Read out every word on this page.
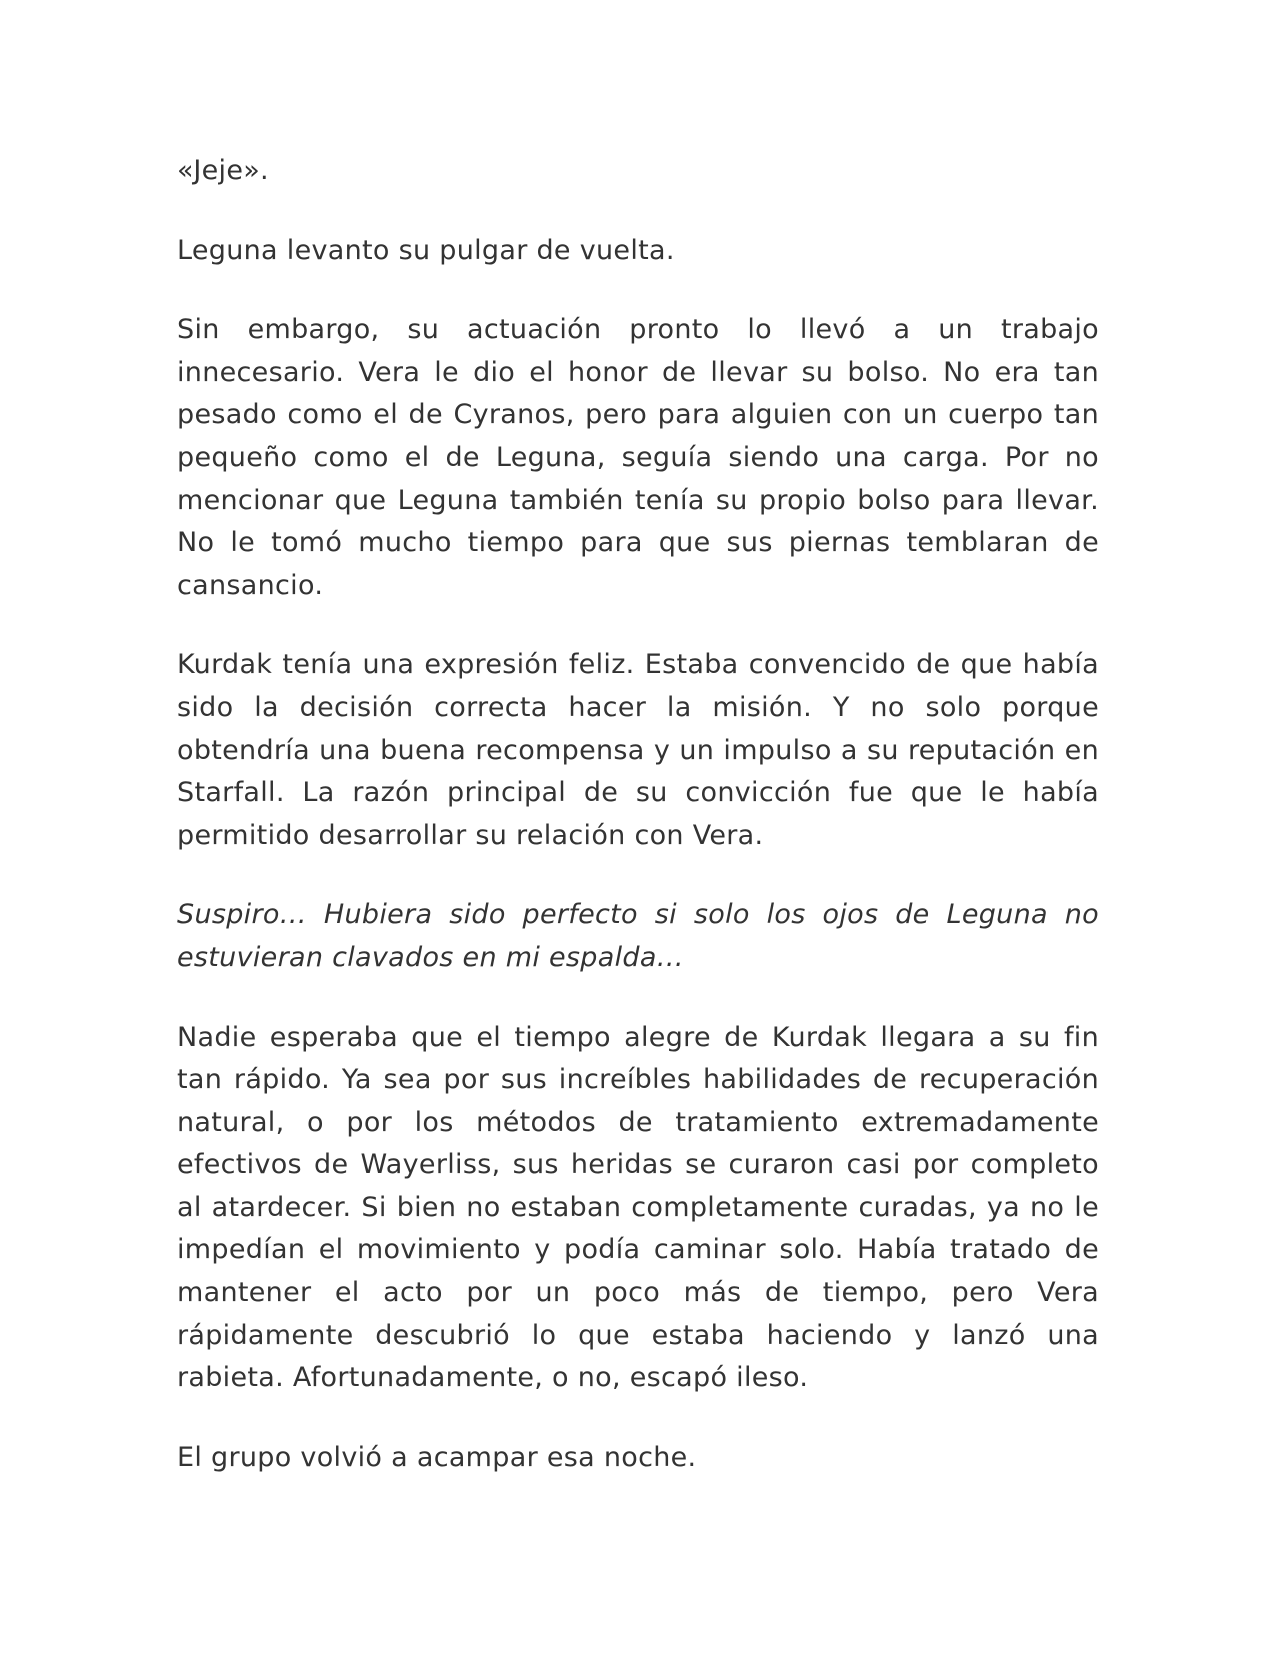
«Jeje».

Leguna levanto su pulgar de vuelta.

Sin embargo, su actuación pronto lo llevó a un trabajo innecesario. Vera le dio el honor de llevar su bolso. No era tan pesado como el de Cyranos, pero para alguien con un cuerpo tan pequeño como el de Leguna, seguía siendo una carga. Por no mencionar que Leguna también tenía su propio bolso para llevar. No le tomó mucho tiempo para que sus piernas temblaran de cansancio.

Kurdak tenía una expresión feliz. Estaba convencido de que había sido la decisión correcta hacer la misión. Y no solo porque obtendría una buena recompensa y un impulso a su reputación en Starfall. La razón principal de su convicción fue que le había permitido desarrollar su relación con Vera.

Suspiro… Hubiera sido perfecto si solo los ojos de Leguna no estuvieran clavados en mi espalda…

Nadie esperaba que el tiempo alegre de Kurdak llegara a su fin tan rápido. Ya sea por sus increíbles habilidades de recuperación natural, o por los métodos de tratamiento extremadamente efectivos de Wayerliss, sus heridas se curaron casi por completo al atardecer. Si bien no estaban completamente curadas, ya no le impedían el movimiento y podía caminar solo. Había tratado de mantener el acto por un poco más de tiempo, pero Vera rápidamente descubrió lo que estaba haciendo y lanzó una rabieta. Afortunadamente, o no, escapó ileso.

El grupo volvió a acampar esa noche.
